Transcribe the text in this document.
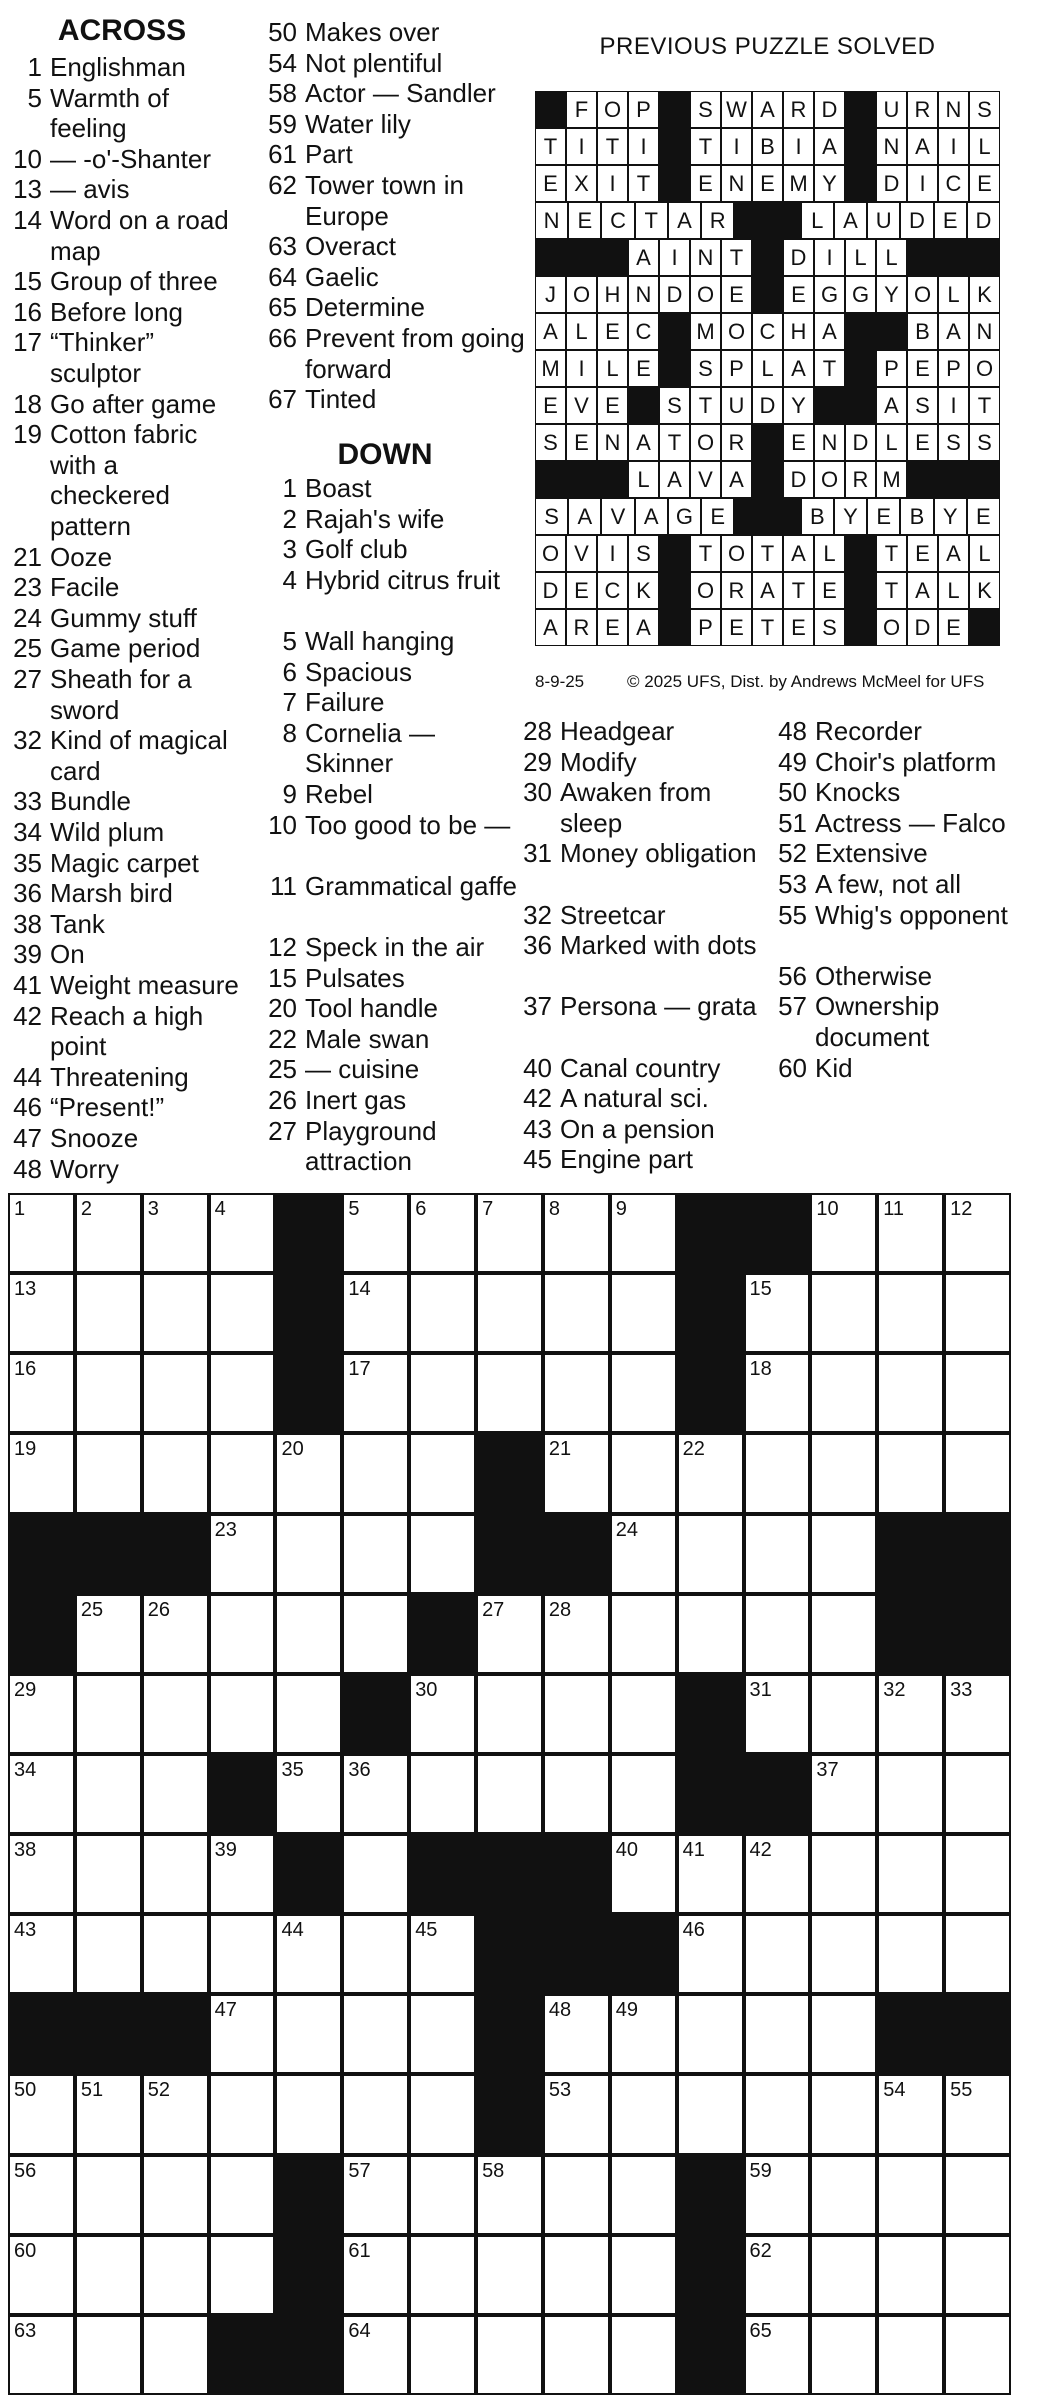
ACROSS
1 Englishman
5 Warmth of feeling
10 — -o'-Shanter
13 — avis
14 Word on a road map
15 Group of three
16 Before long
17 “Thinker” sculptor
18 Go after game
19 Cotton fabric with a checkered pattern
21 Ooze
23 Facile
24 Gummy stuff
25 Game period
27 Sheath for a sword
32 Kind of magical card
33 Bundle
34 Wild plum
35 Magic carpet
36 Marsh bird
38 Tank
39 On
41 Weight measure
42 Reach a high point
44 Threatening
46 “Present!”
47 Snooze
48 Worry
50 Makes over
54 Not plentiful
58 Actor — Sandler
59 Water lily
61 Part
62 Tower town in Europe
63 Overact
64 Gaelic
65 Determine
66 Prevent from going forward
67 Tinted
DOWN
1 Boast
2 Rajah's wife
3 Golf club
4 Hybrid citrus fruit
5 Wall hanging
6 Spacious
7 Failure
8 Cornelia — Skinner
9 Rebel
10 Too good to be —
11 Grammatical gaffe
12 Speck in the air
15 Pulsates
20 Tool handle
22 Male swan
25 — cuisine
26 Inert gas
27 Playground attraction
28 Headgear
29 Modify
30 Awaken from sleep
31 Money obligation
32 Streetcar
36 Marked with dots
37 Persona — grata
40 Canal country
42 A natural sci.
43 On a pension
45 Engine part
48 Recorder
49 Choir's platform
50 Knocks
51 Actress — Falco
52 Extensive
53 A few, not all
55 Whig's opponent
56 Otherwise
57 Ownership document
60 Kid
PREVIOUS PUZZLE SOLVED
F O P	S W A R D U R N S
T I T I	T I B I A	N A I L
E X I T	E N E M Y	D I C E
N E C T A R	L A U D E D
A I N T	D I L L
J O H N D O E	E G G Y O L K
A L E C M O C H A	B A N
M I L E	S P L A T	P E P O
E V E	S T U D Y	A S I T
S E N A T O R	E N D L E S S
L A V A	D O R M
S A V A G E	B Y E B Y E
O V I S	T O T A L	T E A L
D E C K	O R A T E	T A L K
A R E A	P E T E S	O D E
8-9-25	© 2025 UFS, Dist. by Andrews McMeel for UFS
1	2	3	4	5	6	7	8	9	10 11 12
13	14	15
16	17	18
19	20	21	22
23	24
25 26	27 28
29	30	31	32 33
34	35 36	37
38	39	40 41 42
43	44	45	46
47	48 49
50 51 52	53	54 55
56	57	58	59
60	61	62
63	64	65
